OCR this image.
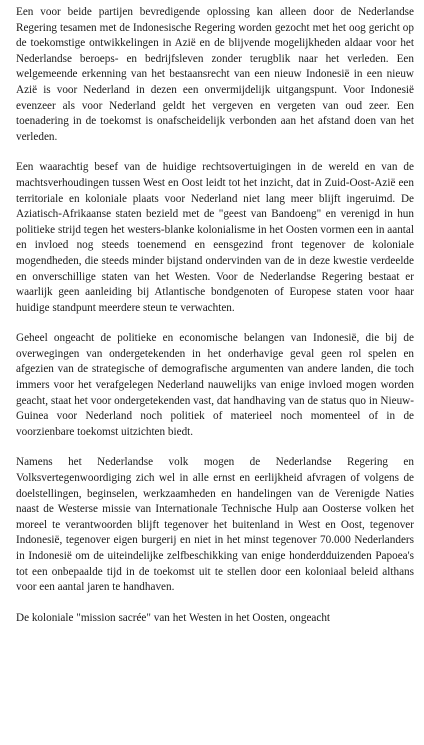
Een voor beide partijen bevredigende oplossing kan alleen door de Nederlandse Regering tesamen met de Indonesische Regering worden gezocht met het oog gericht op de toekomstige ontwikkelingen in Azië en de blijvende mogelijkheden aldaar voor het Nederlandse beroeps- en bedrijfsleven zonder terugblik naar het verleden. Een welgemeende erkenning van het bestaansrecht van een nieuw Indonesië in een nieuw Azië is voor Nederland in dezen een onvermijdelijk uitgangspunt. Voor Indonesië evenzeer als voor Nederland geldt het vergeven en vergeten van oud zeer. Een toenadering in de toekomst is onafscheidelijk verbonden aan het afstand doen van het verleden.

Een waarachtig besef van de huidige rechtsovertuigingen in de wereld en van de machtsverhoudingen tussen West en Oost leidt tot het inzicht, dat in Zuid-Oost-Azië een territoriale en koloniale plaats voor Nederland niet lang meer blijft ingeruimd. De Aziatisch-Afrikaanse staten bezield met de "geest van Bandoeng" en verenigd in hun politieke strijd tegen het westers-blanke kolonialisme in het Oosten vormen een in aantal en invloed nog steeds toenemend en eensgezind front tegenover de koloniale mogendheden, die steeds minder bijstand ondervinden van de in deze kwestie verdeelde en onverschillige staten van het Westen. Voor de Nederlandse Regering bestaat er waarlijk geen aanleiding bij Atlantische bondgenoten of Europese staten voor haar huidige standpunt meerdere steun te verwachten.

Geheel ongeacht de politieke en economische belangen van Indonesië, die bij de overwegingen van ondergetekenden in het onderhavige geval geen rol spelen en afgezien van de strategische of demografische argumenten van andere landen, die toch immers voor het verafgelegen Nederland nauwelijks van enige invloed mogen worden geacht, staat het voor ondergetekenden vast, dat handhaving van de status quo in Nieuw-Guinea voor Nederland noch politiek of materieel noch momenteel of in de voorzienbare toekomst uitzichten biedt.

Namens het Nederlandse volk mogen de Nederlandse Regering en Volksvertegenwoordiging zich wel in alle ernst en eerlijkheid afvragen of volgens de doelstellingen, beginselen, werkzaamheden en handelingen van de Verenigde Naties naast de Westerse missie van Internationale Technische Hulp aan Oosterse volken het moreel te verantwoorden blijft tegenover het buitenland in West en Oost, tegenover Indonesië, tegenover eigen burgerij en niet in het minst tegenover 70.000 Nederlanders in Indonesië om de uiteindelijke zelfbeschikking van enige honderdduizenden Papoea's tot een onbepaalde tijd in de toekomst uit te stellen door een koloniaal beleid althans voor een aantal jaren te handhaven.

De koloniale "mission sacrée" van het Westen in het Oosten, ongeacht
